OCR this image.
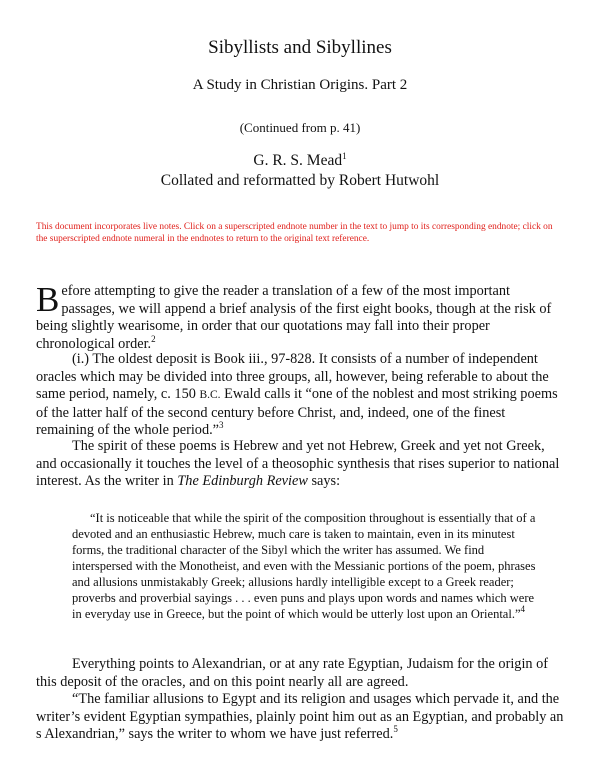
Sibyllists and Sibyllines
A Study in Christian Origins. Part 2
(Continued from p. 41)
G. R. S. Mead$^1$
Collated and reformatted by Robert Hutwohl
This document incorporates live notes. Click on a superscripted endnote number in the text to jump to its corresponding endnote; click on the superscripted endnote numeral in the endnotes to return to the original text reference.

Before attempting to give the reader a translation of a few of the most important passages, we will append a brief analysis of the first eight books, though at the risk of being slightly wearisome, in order that our quotations may fall into their proper chronological order.$^2$

(i.) The oldest deposit is Book iii., 97-828. It consists of a number of independent oracles which may be divided into three groups, all, however, being referable to about the same period, namely, c. 150 B.C. Ewald calls it “one of the noblest and most striking poems of the latter half of the second century before Christ, and, indeed, one of the finest remaining of the whole period.”$^3$

The spirit of these poems is Hebrew and yet not Hebrew, Greek and yet not Greek, and occasionally it touches the level of a theosophic synthesis that rises superior to national interest. As the writer in The Edinburgh Review says:

“It is noticeable that while the spirit of the composition throughout is essentially that of a devoted and an enthusiastic Hebrew, much care is taken to maintain, even in its minutest forms, the traditional character of the Sibyl which the writer has assumed. We find interspersed with the Monotheist, and even with the Messianic portions of the poem, phrases and allusions unmistakably Greek; allusions hardly intelligible except to a Greek reader; proverbs and proverbial sayings . . . even puns and plays upon words and names which were in everyday use in Greece, but the point of which would be utterly lost upon an Oriental.”$^4$

Everything points to Alexandrian, or at any rate Egyptian, Judaism for the origin of this deposit of the oracles, and on this point nearly all are agreed.

“The familiar allusions to Egypt and its religion and usages which pervade it, and the writer’s evident Egyptian sympathies, plainly point him out as an Egyptian, and probably an s Alexandrian,” says the writer to whom we have just referred.$^5$
